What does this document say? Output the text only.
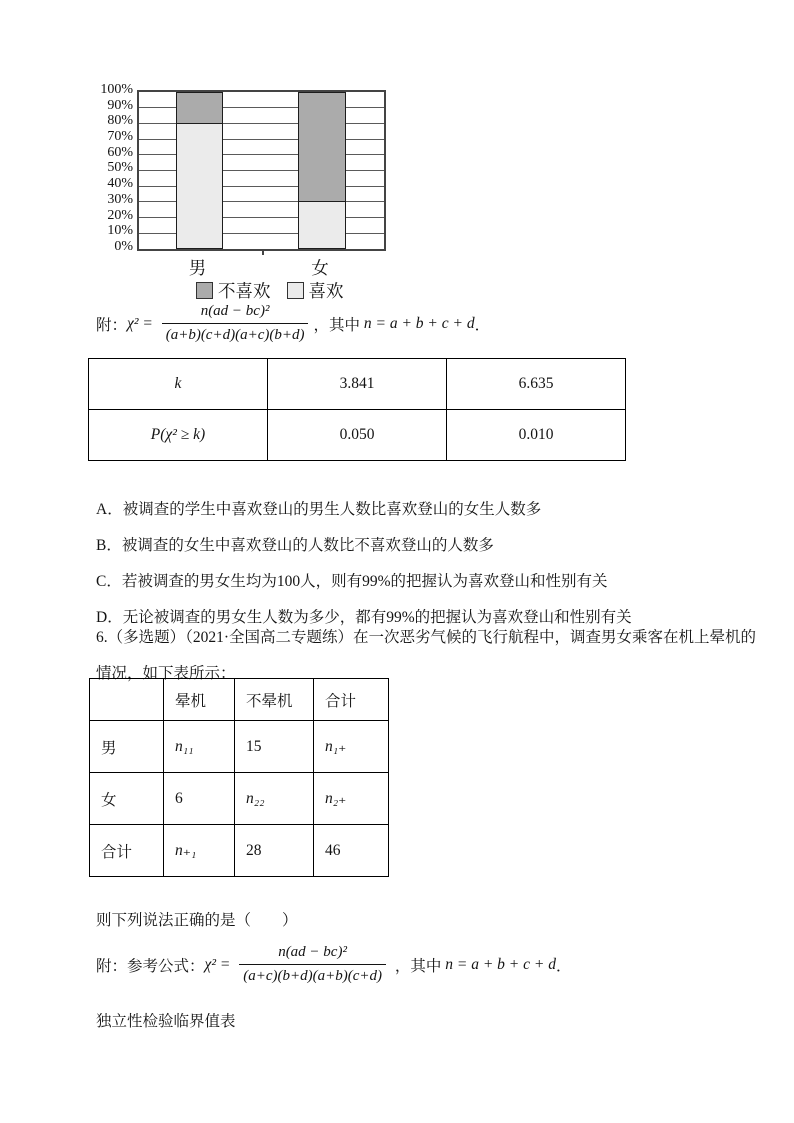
100%
90%
80%
70%
60%
50%
40%
30%
20%
10%
0%
男	女
不喜欢 喜欢
附： $\chi^2 = \frac{\text{n(ad − bc)²}}{(a+b)(c+d)(a+c)(b+d)}$ ， 其中 n = a + b + c + d ．
k	3.841	6.635
P(χ² ≥ k)	0.050	0.010
A．被调查的学生中喜欢登山的男生人数比喜欢登山的女生人数多
B．被调查的女生中喜欢登山的人数比不喜欢登山的人数多
C．若被调查的男女生均为100人，则有99%的把握认为喜欢登山和性别有关
D．无论被调查的男女生人数为多少，都有99%的把握认为喜欢登山和性别有关
6.（多选题）（2021·全国高二专题练）在一次恶劣气候的飞行航程中，调查男女乘客在机上晕机的
情况，如下表所示：
	晕机	不晕机	合计
男	n₁₁	15	n₁₊
女	6	n₂₂	n₂₊
合计	n₊₁	28	46
则下列说法正确的是（　　）
附：参考公式： $\chi^2 = \frac{\text{n(ad − bc)²}}{(a+c)(b+d)(a+b)(c+d)}$ ， 其中 n = a + b + c + d ．
独立性检验临界值表
